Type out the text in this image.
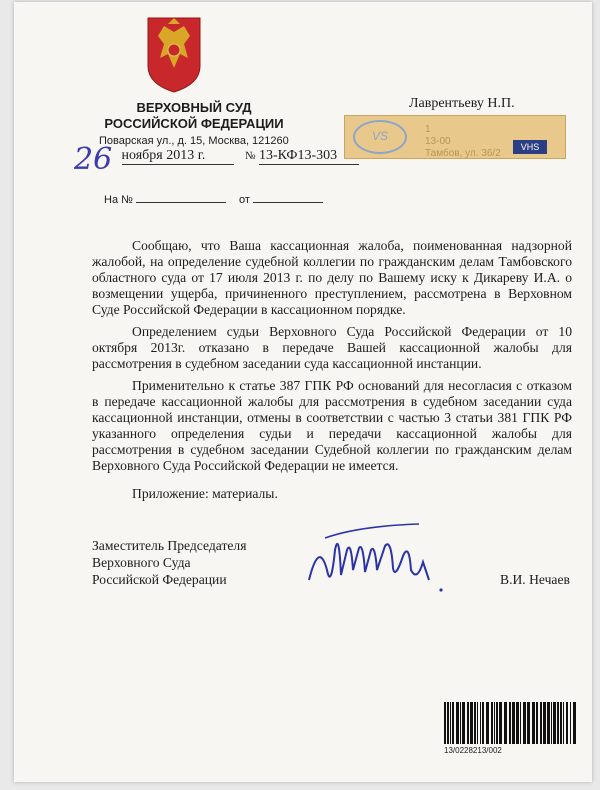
ВЕРХОВНЫЙ СУД
РОССИЙСКОЙ ФЕДЕРАЦИИ
Поварская ул., д. 15, Москва, 121260
Лаврентьеву Н.П.
VS	1
13-00
Тамбов, ул. 36/2
VHS
26 ноября 2013 г.	№ 13-КФ13-303
На №	от

Сообщаю, что Ваша кассационная жалоба, поименованная надзорной жалобой, на определение судебной коллегии по гражданским делам Тамбовского областного суда от 17 июля 2013 г. по делу по Вашему иску к Дикареву И.А. о возмещении ущерба, причиненного преступлением, рассмотрена в Верховном Суде Российской Федерации в кассационном порядке.

Определением судьи Верховного Суда Российской Федерации от 10 октября 2013г. отказано в передаче Вашей кассационной жалобы для рассмотрения в судебном заседании суда кассационной инстанции.

Применительно к статье 387 ГПК РФ оснований для несогласия с отказом в передаче кассационной жалобы для рассмотрения в судебном заседании суда кассационной инстанции, отмены в соответствии с частью 3 статьи 381 ГПК РФ указанного определения судьи и передачи кассационной жалобы для рассмотрения в судебном заседании Судебной коллегии по гражданским делам Верховного Суда Российской Федерации не имеется.

Приложение: материалы.

Заместитель Председателя
Верховного Суда
Российской Федерации	В.И. Нечаев
13/0228213/002
